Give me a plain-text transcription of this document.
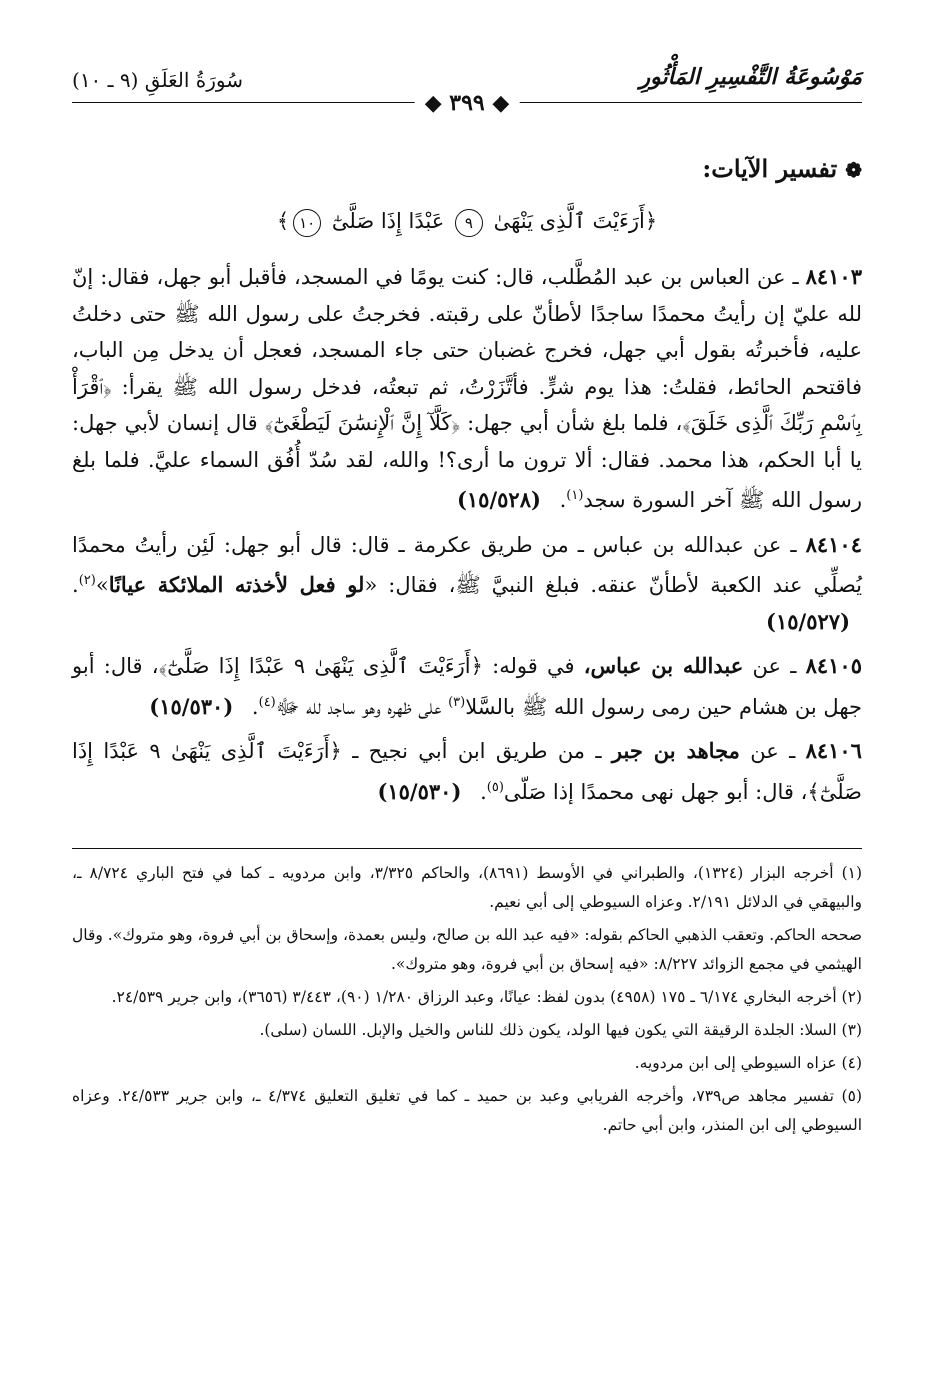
مَوْسُوعَةُ التَّفْسِيرِ المَأْثُورِ
سُورَةُ العَلَقِ (٩ ـ ١٠)
◆ ٣٩٩ ◆
❁تفسير الآيات:
﴿أَرَءَيْتَ ٱلَّذِى يَنْهَىٰ ٩ عَبْدًا إِذَا صَلَّىٰٓ ١٠﴾

٨٤١٠٣ ـ عن العباس بن عبد المُطَّلب، قال: كنت يومًا في المسجد، فأقبل أبو جهل، فقال: إنّ لله عليّ إن رأيتُ محمدًا ساجدًا لأطأنّ على رقبته. فخرجتُ على رسول الله ﷺ حتى دخلتُ عليه، فأخبرتُه بقول أبي جهل، فخرج غضبان حتى جاء المسجد، فعجل أن يدخل مِن الباب، فاقتحم الحائط، فقلتُ: هذا يوم شرٍّ. فأتَّزَرْتُ، ثم تبعتُه، فدخل رسول الله ﷺ يقرأ: ﴿ٱقْرَأْ بِٱسْمِ رَبِّكَ ٱلَّذِى خَلَقَ﴾، فلما بلغ شأن أبي جهل: ﴿كَلَّآ إِنَّ ٱلْإِنسَٰنَ لَيَطْغَىٰٓ﴾ قال إنسان لأبي جهل: يا أبا الحكم، هذا محمد. فقال: ألا ترون ما أرى؟! والله، لقد سُدّ أُفُق السماء عليَّ. فلما بلغ رسول الله ﷺ آخر السورة سجد$^{(١)}$. (١٥/٥٢٨)

٨٤١٠٤ ـ عن عبدالله بن عباس ـ من طريق عكرمة ـ قال: قال أبو جهل: لَئِن رأيتُ محمدًا يُصلِّي عند الكعبة لأطأنّ عنقه. فبلغ النبيَّ ﷺ، فقال: «لو فعل لأخذته الملائكة عيانًا»$^{(٢)}$. (١٥/٥٢٧)

٨٤١٠٥ ـ عن عبدالله بن عباس، في قوله: ﴿أَرَءَيْتَ ٱلَّذِى يَنْهَىٰ ٩ عَبْدًا إِذَا صَلَّىٰٓ﴾، قال: أبو جهل بن هشام حين رمى رسول الله ﷺ بالسَّلا$^{(٣)}$ على ظهره وهو ساجد لله ﷻ$^{(٤)}$. (١٥/٥٣٠)

٨٤١٠٦ ـ عن مجاهد بن جبر ـ من طريق ابن أبي نجيح ـ ﴿أَرَءَيْتَ ٱلَّذِى يَنْهَىٰ ٩ عَبْدًا إِذَا صَلَّىٰٓ﴾، قال: أبو جهل نهى محمدًا إذا صَلّى$^{(٥)}$. (١٥/٥٣٠)

(١) أخرجه البزار (١٣٢٤)، والطبراني في الأوسط (٨٦٩١)، والحاكم ٣/٣٢٥، وابن مردويه ـ كما في فتح الباري ٨/٧٢٤ ـ، والبيهقي في الدلائل ٢/١٩١. وعزاه السيوطي إلى أبي نعيم.

صححه الحاكم. وتعقب الذهبي الحاكم بقوله: «فيه عبد الله بن صالح، وليس بعمدة، وإسحاق بن أبي فروة، وهو متروك». وقال الهيثمي في مجمع الزوائد ٨/٢٢٧: «فيه إسحاق بن أبي فروة، وهو متروك».

(٢) أخرجه البخاري ٦/١٧٤ ـ ١٧٥ (٤٩٥٨) بدون لفظ: عيانًا، وعبد الرزاق ١/٢٨٠ (٩٠)، ٣/٤٤٣ (٣٦٥٦)، وابن جرير ٢٤/٥٣٩.

(٣) السلا: الجلدة الرقيقة التي يكون فيها الولد، يكون ذلك للناس والخيل والإبل. اللسان (سلى).

(٤) عزاه السيوطي إلى ابن مردويه.

(٥) تفسير مجاهد ص٧٣٩، وأخرجه الفريابي وعبد بن حميد ـ كما في تغليق التعليق ٤/٣٧٤ ـ، وابن جرير ٢٤/٥٣٣. وعزاه السيوطي إلى ابن المنذر، وابن أبي حاتم.
